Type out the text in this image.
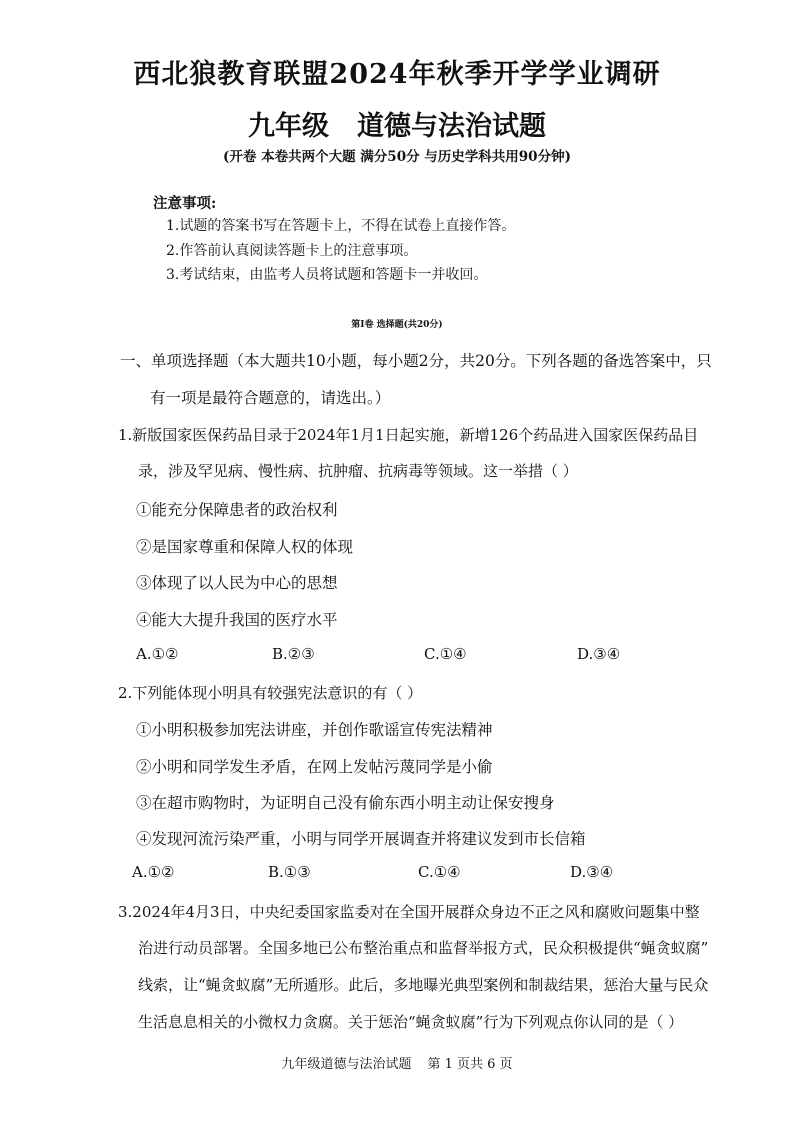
西北狼教育联盟2024年秋季开学学业调研
九年级 道德与法治试题
(开卷 本卷共两个大题 满分50分 与历史学科共用90分钟)
注意事项:
1.试题的答案书写在答题卡上，不得在试卷上直接作答。
2.作答前认真阅读答题卡上的注意事项。
3.考试结束，由监考人员将试题和答题卡一并收回。
第Ⅰ卷 选择题(共20分)
一、单项选择题（本大题共10小题，每小题2分，共20分。下列各题的备选答案中，只
有一项是最符合题意的，请选出。）
1.新版国家医保药品目录于2024年1月1日起实施，新增126个药品进入国家医保药品目
录，涉及罕见病、慢性病、抗肿瘤、抗病毒等领域。这一举措（ ）
①能充分保障患者的政治权利
②是国家尊重和保障人权的体现
③体现了以人民为中心的思想
④能大大提升我国的医疗水平
A.①②	B.②③	C.①④	D.③④
2.下列能体现小明具有较强宪法意识的有（ ）
①小明积极参加宪法讲座，并创作歌谣宣传宪法精神
②小明和同学发生矛盾，在网上发帖污蔑同学是小偷
③在超市购物时，为证明自己没有偷东西小明主动让保安搜身
④发现河流污染严重，小明与同学开展调查并将建议发到市长信箱
A.①②	B.①③	C.①④	D.③④
3.2024年4月3日，中央纪委国家监委对在全国开展群众身边不正之风和腐败问题集中整
治进行动员部署。全国多地已公布整治重点和监督举报方式，民众积极提供“蝇贪蚁腐”
线索，让“蝇贪蚁腐”无所遁形。此后，多地曝光典型案例和制裁结果，惩治大量与民众
生活息息相关的小微权力贪腐。关于惩治“蝇贪蚁腐”行为下列观点你认同的是（ ）
九年级道德与法治试题 第 1 页共 6 页
